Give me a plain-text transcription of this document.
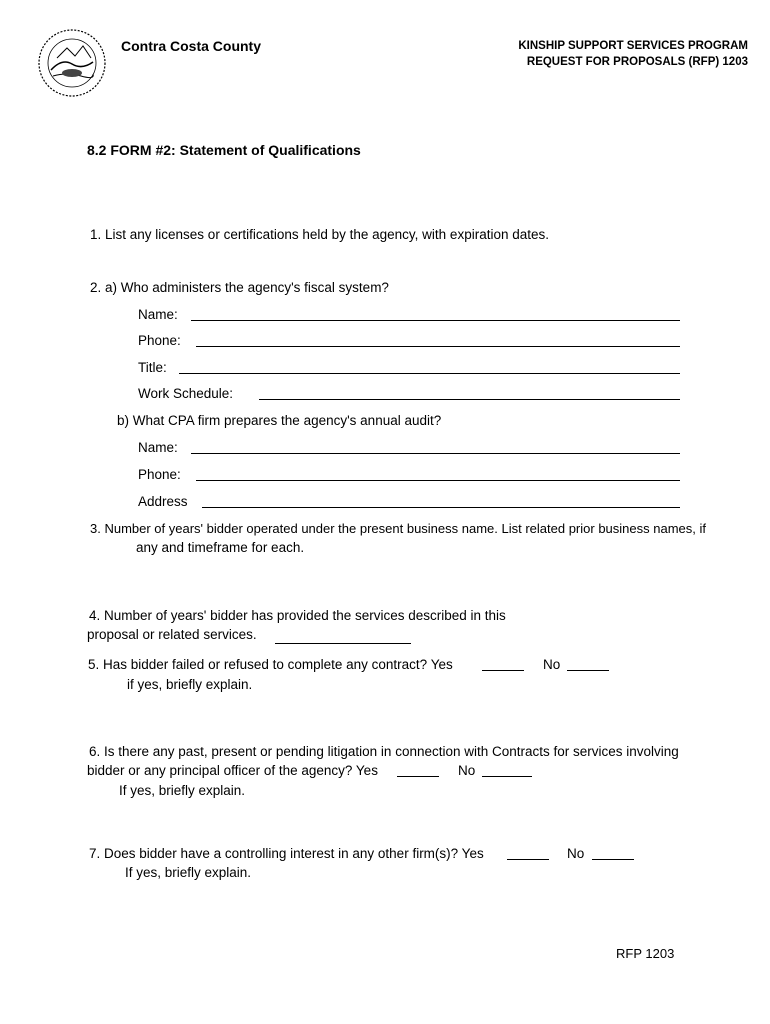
Contra Costa County	KINSHIP SUPPORT SERVICES PROGRAM
REQUEST FOR PROPOSALS (RFP) 1203
8.2 FORM #2: Statement of Qualifications
1. List any licenses or certifications held by the agency, with expiration dates.
2. a) Who administers the agency's fiscal system?
Name:
Phone:
Title:
Work Schedule:
b) What CPA firm prepares the agency's annual audit?
Name:
Phone:
Address
3. Number of years' bidder operated under the present business name. List related prior business names, if
any and timeframe for each.
4. Number of years' bidder has provided the services described in this
proposal or related services.
5. Has bidder failed or refused to complete any contract? Yes	No
if yes, briefly explain.
6. Is there any past, present or pending litigation in connection with Contracts for services involving
bidder or any principal officer of the agency? Yes	No
If yes, briefly explain.
7. Does bidder have a controlling interest in any other firm(s)? Yes	No
If yes, briefly explain.
RFP 1203
